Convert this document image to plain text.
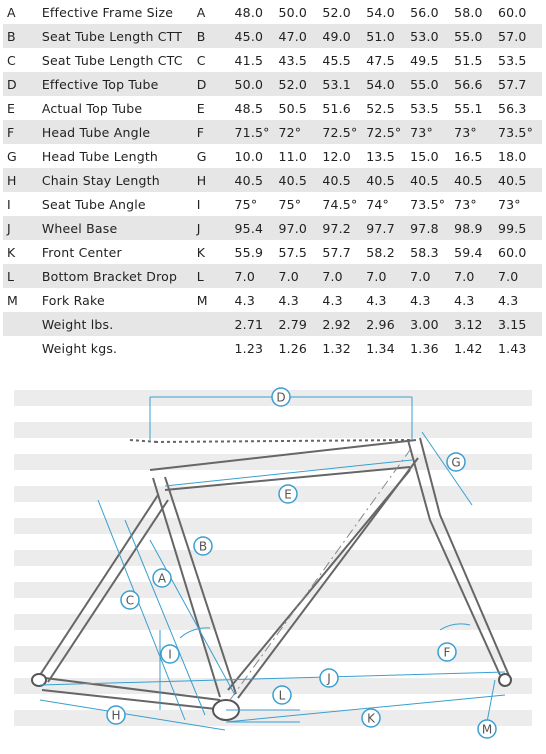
A	Effective Frame Size	A	48.0	50.0	52.0	54.0	56.0	58.0	60.0
B	Seat Tube Length CTT	B	45.0	47.0	49.0	51.0	53.0	55.0	57.0
C	Seat Tube Length CTC	C	41.5	43.5	45.5	47.5	49.5	51.5	53.5
D	Effective Top Tube	D	50.0	52.0	53.1	54.0	55.0	56.6	57.7
E	Actual Top Tube	E	48.5	50.5	51.6	52.5	53.5	55.1	56.3
F	Head Tube Angle	F	71.5°	72°	72.5°	72.5°	73°	73°	73.5°
G	Head Tube Length	G	10.0	11.0	12.0	13.5	15.0	16.5	18.0
H	Chain Stay Length	H	40.5	40.5	40.5	40.5	40.5	40.5	40.5
I	Seat Tube Angle	I	75°	75°	74.5°	74°	73.5°	73°	73°
J	Wheel Base	J	95.4	97.0	97.2	97.7	97.8	98.9	99.5
K	Front Center	K	55.9	57.5	57.7	58.2	58.3	59.4	60.0
L	Bottom Bracket Drop	L	7.0	7.0	7.0	7.0	7.0	7.0	7.0
M	Fork Rake	M	4.3	4.3	4.3	4.3	4.3	4.3	4.3
	Weight lbs.		2.71	2.79	2.92	2.96	3.00	3.12	3.15
	Weight kgs.		1.23	1.26	1.32	1.34	1.36	1.42	1.43
A
B
C
D
E
F
G
H
I
J
K
L
M
